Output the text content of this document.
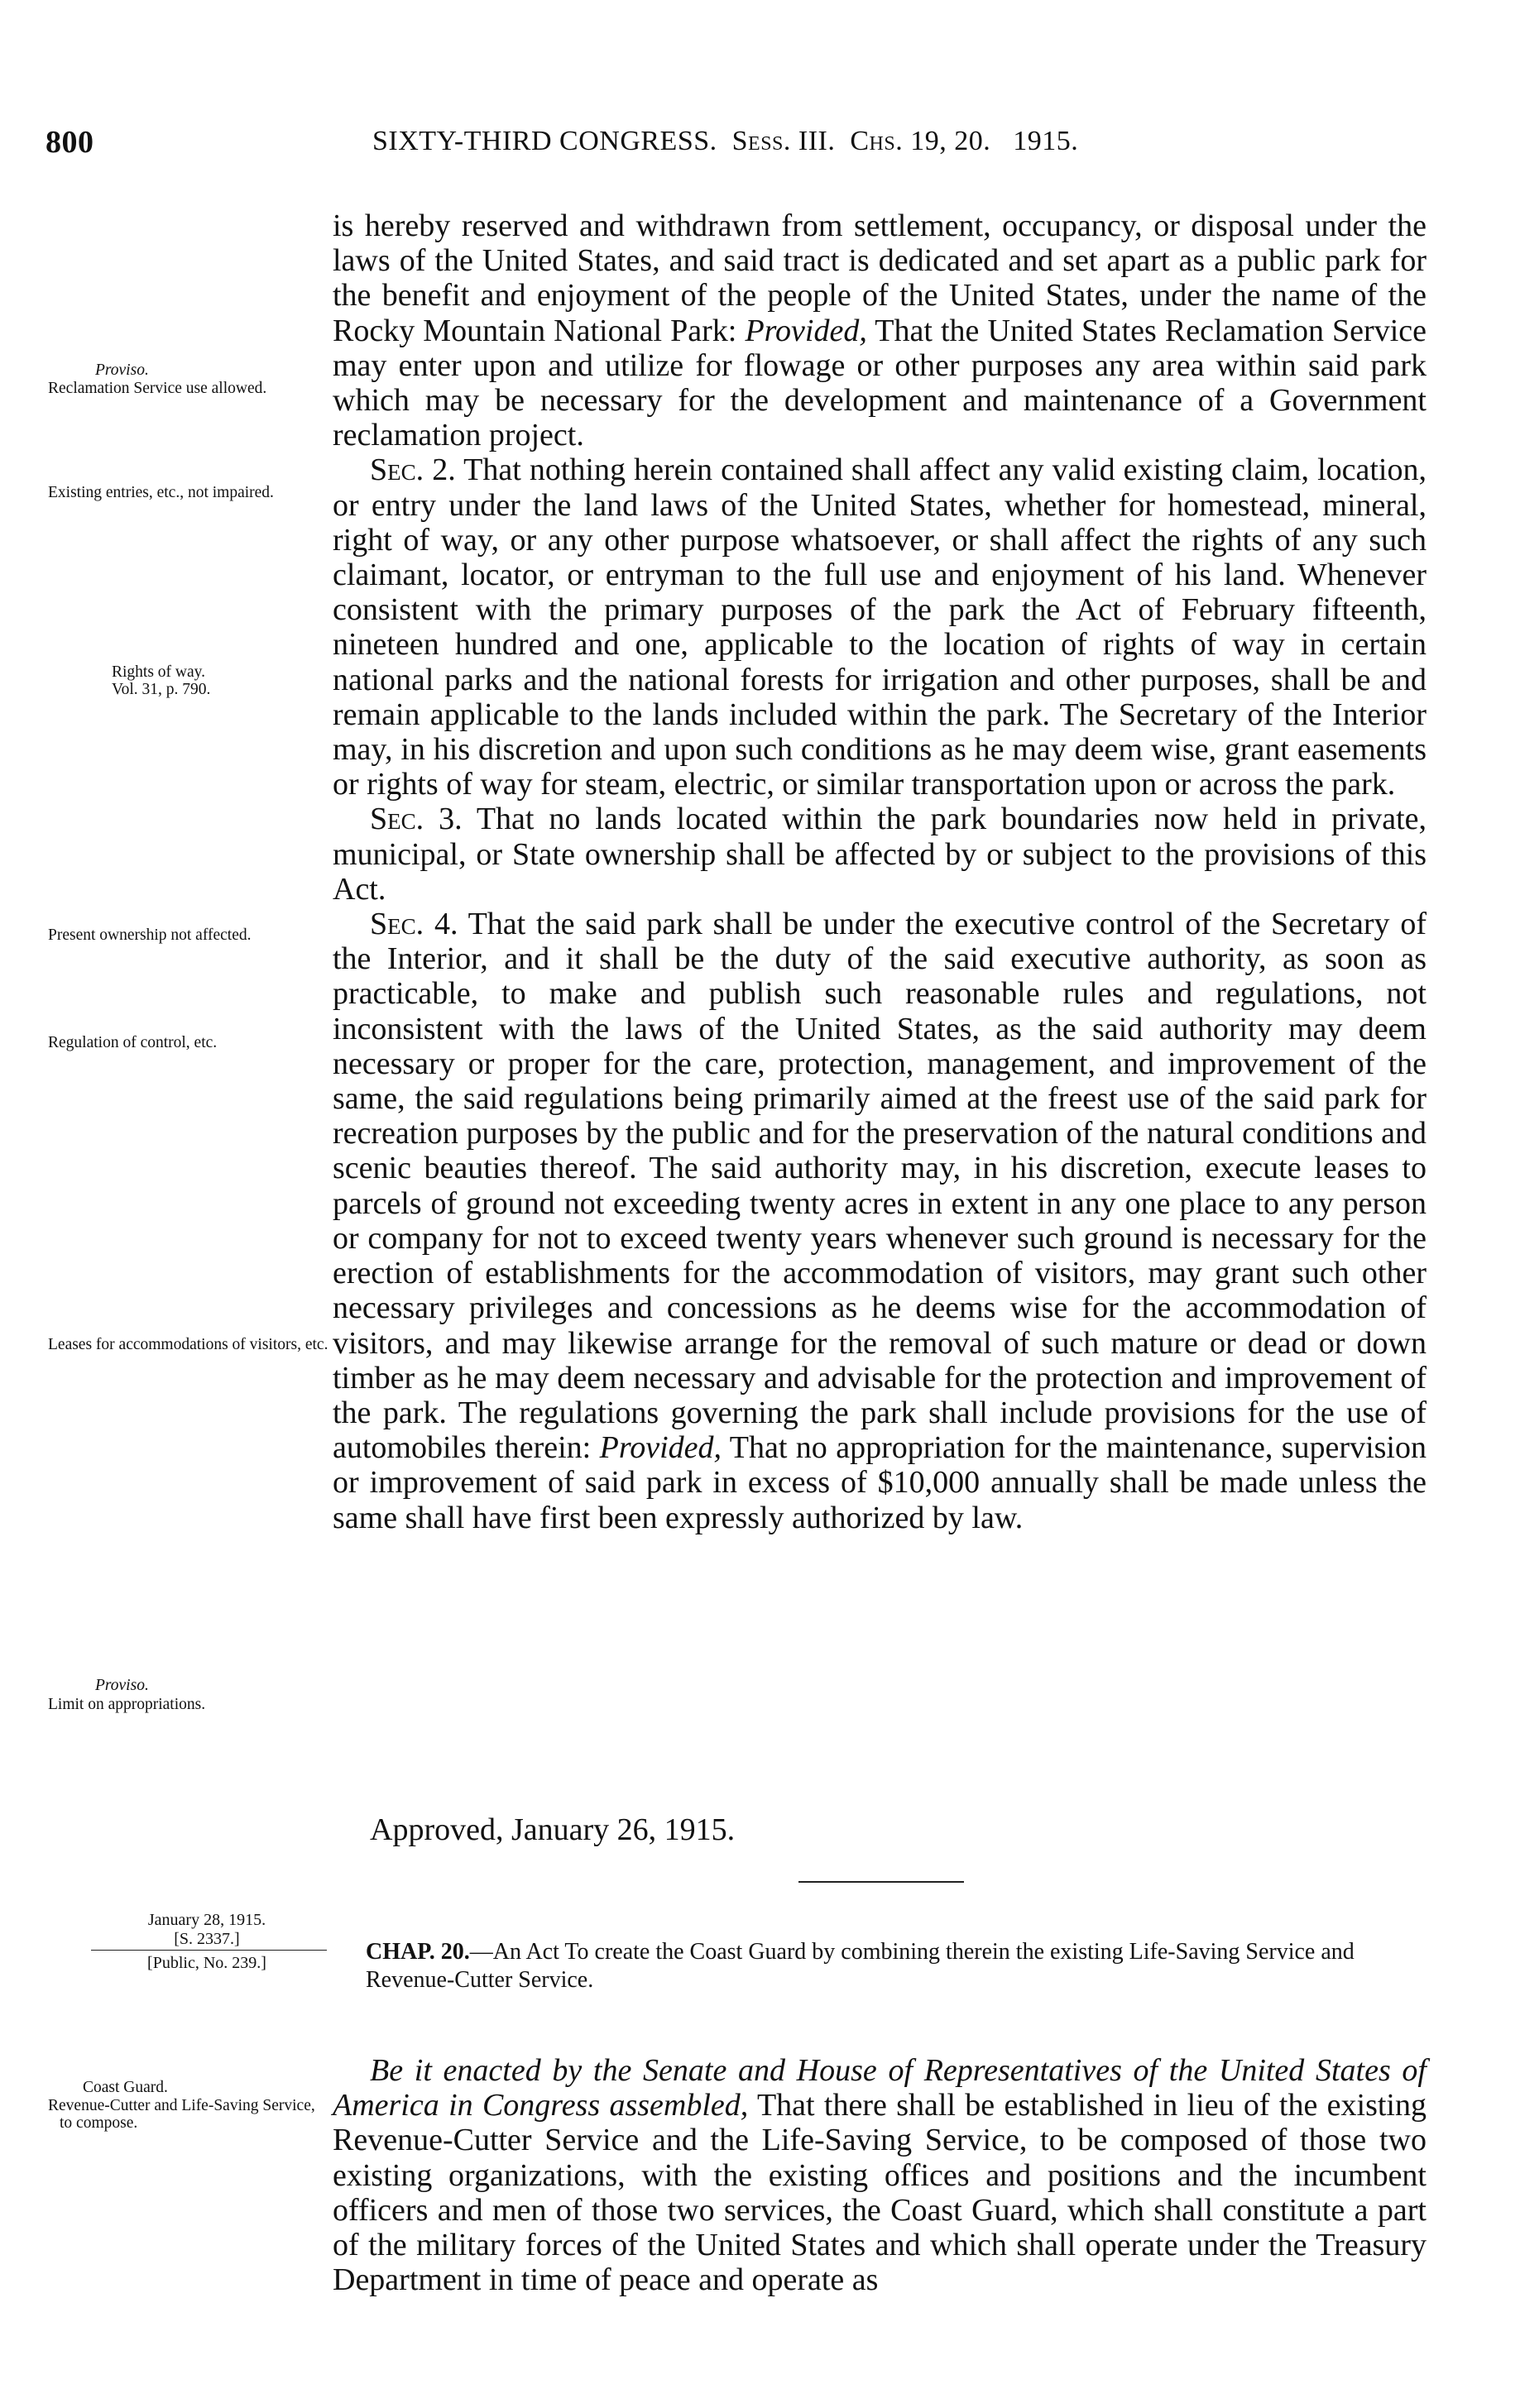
800	SIXTY-THIRD CONGRESS. Sess. III. Chs. 19, 20. 1915.

is hereby reserved and withdrawn from settlement, occupancy, or disposal under the laws of the United States, and said tract is dedicated and set apart as a public park for the benefit and enjoyment of the people of the United States, under the name of the Rocky Mountain National Park: Provided, That the United States Reclamation Service may enter upon and utilize for flowage or other purposes any area within said park which may be necessary for the development and maintenance of a Government reclamation project.

Sec. 2. That nothing herein contained shall affect any valid existing claim, location, or entry under the land laws of the United States, whether for homestead, mineral, right of way, or any other purpose whatsoever, or shall affect the rights of any such claimant, locator, or entryman to the full use and enjoyment of his land. Whenever consistent with the primary purposes of the park the Act of February fifteenth, nineteen hundred and one, applicable to the location of rights of way in certain national parks and the national forests for irrigation and other purposes, shall be and remain applicable to the lands included within the park. The Secretary of the Interior may, in his discretion and upon such conditions as he may deem wise, grant easements or rights of way for steam, electric, or similar transportation upon or across the park.

Sec. 3. That no lands located within the park boundaries now held in private, municipal, or State ownership shall be affected by or subject to the provisions of this Act.

Sec. 4. That the said park shall be under the executive control of the Secretary of the Interior, and it shall be the duty of the said executive authority, as soon as practicable, to make and publish such reasonable rules and regulations, not inconsistent with the laws of the United States, as the said authority may deem necessary or proper for the care, protection, management, and improvement of the same, the said regulations being primarily aimed at the freest use of the said park for recreation purposes by the public and for the preservation of the natural conditions and scenic beauties thereof. The said authority may, in his discretion, execute leases to parcels of ground not exceeding twenty acres in extent in any one place to any person or company for not to exceed twenty years whenever such ground is necessary for the erection of establishments for the accommodation of visitors, may grant such other necessary privileges and concessions as he deems wise for the accommodation of visitors, and may likewise arrange for the removal of such mature or dead or down timber as he may deem necessary and advisable for the protection and improvement of the park. The regulations governing the park shall include provisions for the use of automobiles therein: Provided, That no appropriation for the maintenance, supervision or improvement of said park in excess of $10,000 annually shall be made unless the same shall have first been expressly authorized by law.

Approved, January 26, 1915.
Proviso.
Reclamation Service use allowed.
Existing entries, etc., not impaired.
Rights of way.
Vol. 31, p. 790.
Present ownership not affected.
Regulation of control, etc.
Leases for accommodations of visitors, etc.
Proviso.
Limit on appropriations.
January 28, 1915.
[S. 2337.]
[Public, No. 239.]	CHAP. 20.—An Act To create the Coast Guard by combining therein the existing Life-Saving Service and Revenue-Cutter Service.
Coast Guard.
Revenue-Cutter and Life-Saving Service, to compose.

Be it enacted by the Senate and House of Representatives of the United States of America in Congress assembled, That there shall be established in lieu of the existing Revenue-Cutter Service and the Life-Saving Service, to be composed of those two existing organizations, with the existing offices and positions and the incumbent officers and men of those two services, the Coast Guard, which shall constitute a part of the military forces of the United States and which shall operate under the Treasury Department in time of peace and operate as
